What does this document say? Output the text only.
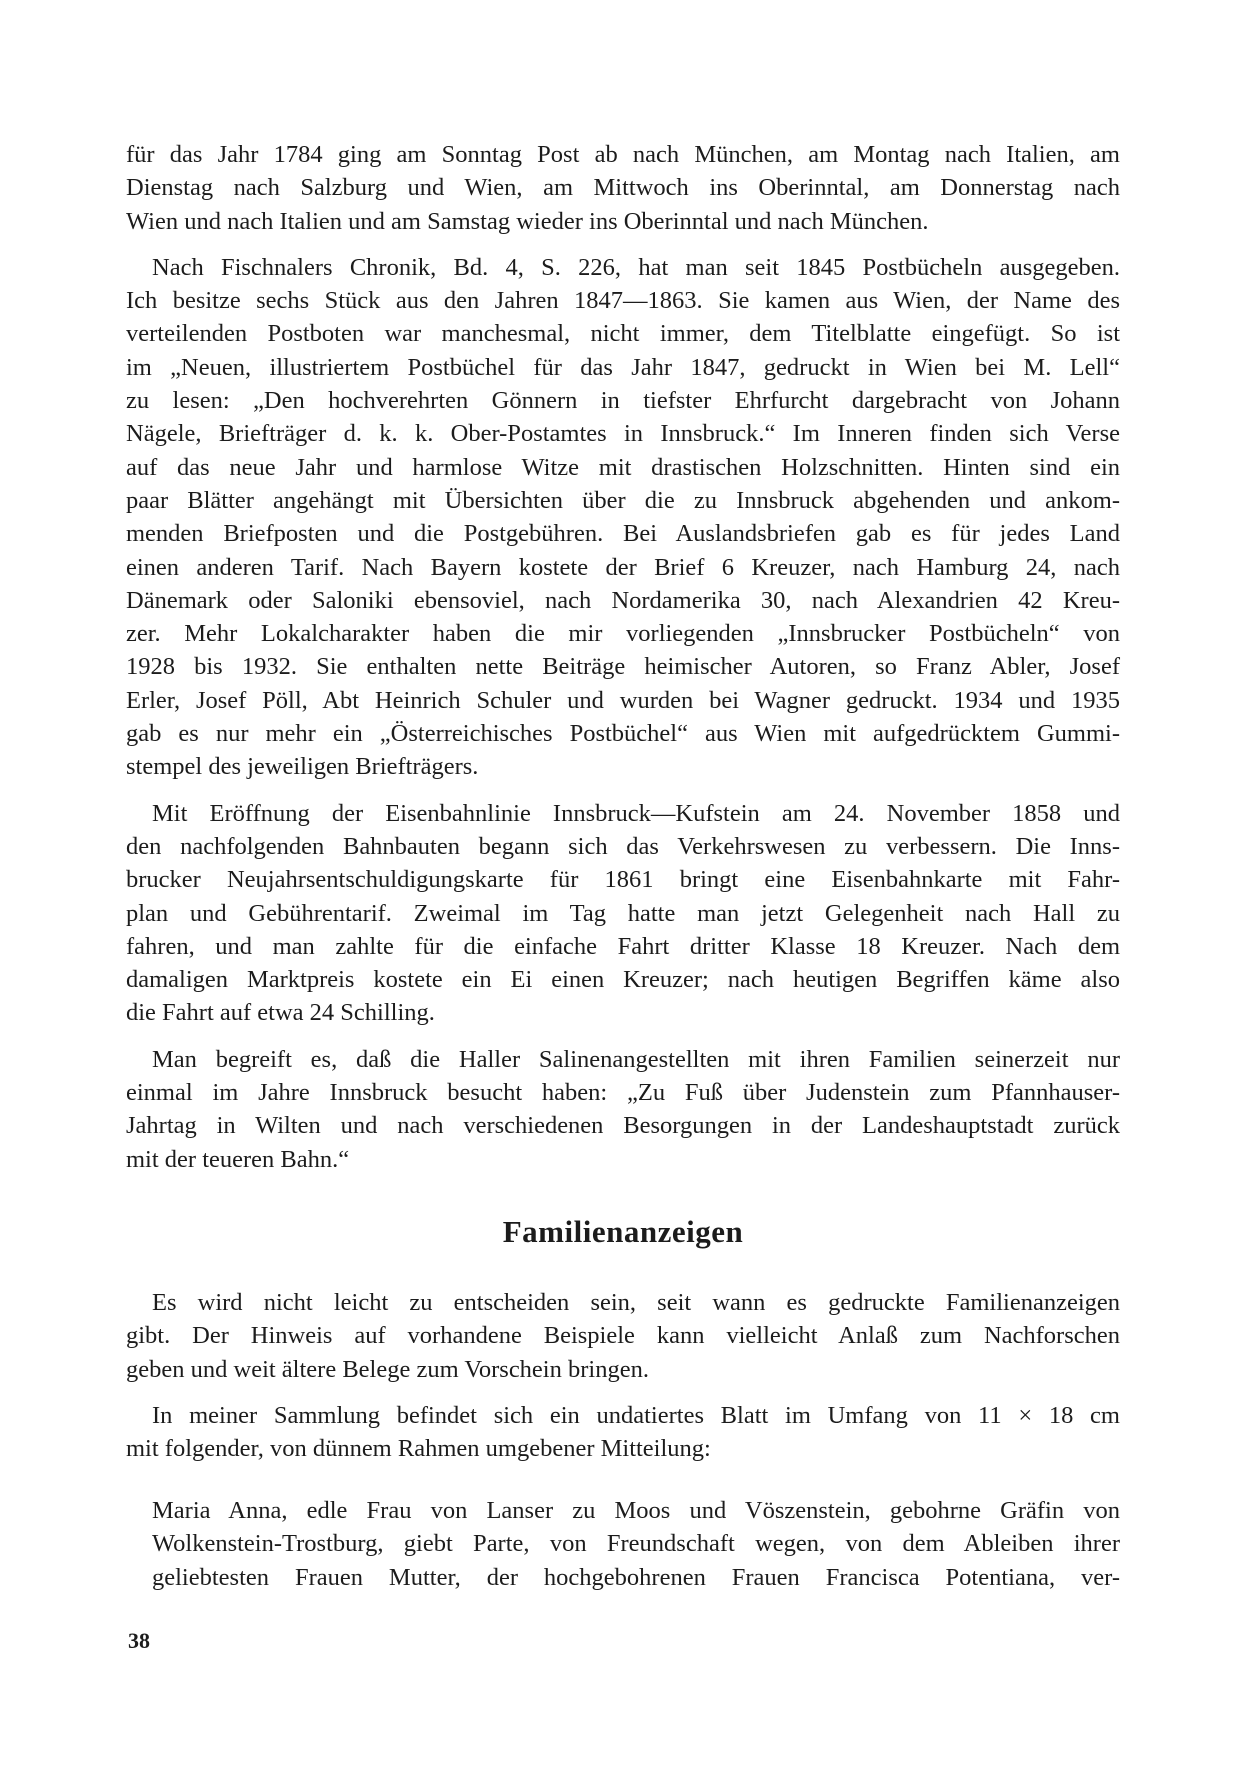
für das Jahr 1784 ging am Sonntag Post ab nach München, am Montag nach Italien, am
Dienstag nach Salzburg und Wien, am Mittwoch ins Oberinntal, am Donnerstag nach
Wien und nach Italien und am Samstag wieder ins Oberinntal und nach München.

Nach Fischnalers Chronik, Bd. 4, S. 226, hat man seit 1845 Postbücheln ausgegeben.
Ich besitze sechs Stück aus den Jahren 1847—1863. Sie kamen aus Wien, der Name des
verteilenden Postboten war manchesmal, nicht immer, dem Titelblatte eingefügt. So ist
im „Neuen, illustriertem Postbüchel für das Jahr 1847, gedruckt in Wien bei M. Lell“
zu lesen: „Den hochverehrten Gönnern in tiefster Ehrfurcht dargebracht von Johann
Nägele, Briefträger d. k. k. Ober-Postamtes in Innsbruck.“ Im Inneren finden sich Verse
auf das neue Jahr und harmlose Witze mit drastischen Holzschnitten. Hinten sind ein
paar Blätter angehängt mit Übersichten über die zu Innsbruck abgehenden und ankom-
menden Briefposten und die Postgebühren. Bei Auslandsbriefen gab es für jedes Land
einen anderen Tarif. Nach Bayern kostete der Brief 6 Kreuzer, nach Hamburg 24, nach
Dänemark oder Saloniki ebensoviel, nach Nordamerika 30, nach Alexandrien 42 Kreu-
zer. Mehr Lokalcharakter haben die mir vorliegenden „Innsbrucker Postbücheln“ von
1928 bis 1932. Sie enthalten nette Beiträge heimischer Autoren, so Franz Abler, Josef
Erler, Josef Pöll, Abt Heinrich Schuler und wurden bei Wagner gedruckt. 1934 und 1935
gab es nur mehr ein „Österreichisches Postbüchel“ aus Wien mit aufgedrücktem Gummi-
stempel des jeweiligen Briefträgers.

Mit Eröffnung der Eisenbahnlinie Innsbruck—Kufstein am 24. November 1858 und
den nachfolgenden Bahnbauten begann sich das Verkehrswesen zu verbessern. Die Inns-
brucker Neujahrsentschuldigungskarte für 1861 bringt eine Eisenbahnkarte mit Fahr-
plan und Gebührentarif. Zweimal im Tag hatte man jetzt Gelegenheit nach Hall zu
fahren, und man zahlte für die einfache Fahrt dritter Klasse 18 Kreuzer. Nach dem
damaligen Marktpreis kostete ein Ei einen Kreuzer; nach heutigen Begriffen käme also
die Fahrt auf etwa 24 Schilling.

Man begreift es, daß die Haller Salinenangestellten mit ihren Familien seinerzeit nur
einmal im Jahre Innsbruck besucht haben: „Zu Fuß über Judenstein zum Pfannhauser-
Jahrtag in Wilten und nach verschiedenen Besorgungen in der Landeshauptstadt zurück
mit der teueren Bahn.“

Familienanzeigen

Es wird nicht leicht zu entscheiden sein, seit wann es gedruckte Familienanzeigen
gibt. Der Hinweis auf vorhandene Beispiele kann vielleicht Anlaß zum Nachforschen
geben und weit ältere Belege zum Vorschein bringen.

In meiner Sammlung befindet sich ein undatiertes Blatt im Umfang von 11 × 18 cm
mit folgender, von dünnem Rahmen umgebener Mitteilung:

Maria Anna, edle Frau von Lanser zu Moos und Vöszenstein, gebohrne Gräfin von
Wolkenstein-Trostburg, giebt Parte, von Freundschaft wegen, von dem Ableiben ihrer
geliebtesten Frauen Mutter, der hochgebohrenen Frauen Francisca Potentiana, ver-

38
